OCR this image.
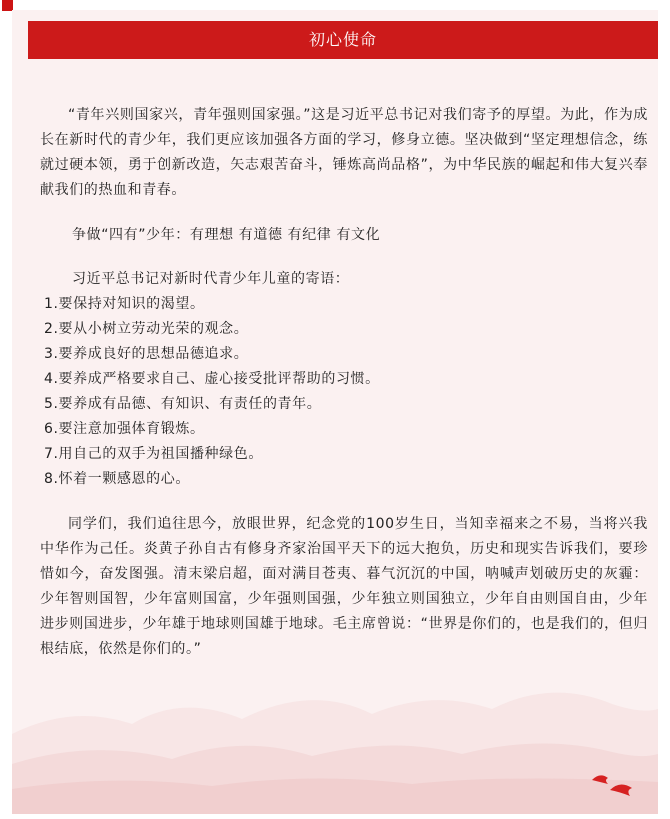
初心使命

“青年兴则国家兴，青年强则国家强。”这是习近平总书记对我们寄予的厚望。为此，作为成长在新时代的青少年，我们更应该加强各方面的学习，修身立德。坚决做到“坚定理想信念，练就过硬本领，勇于创新改造，矢志艰苦奋斗，锤炼高尚品格”，为中华民族的崛起和伟大复兴奉献我们的热血和青春。

争做“四有”少年：有理想 有道德 有纪律 有文化

习近平总书记对新时代青少年儿童的寄语：

1.要保持对知识的渴望。

2.要从小树立劳动光荣的观念。

3.要养成良好的思想品德追求。

4.要养成严格要求自己、虚心接受批评帮助的习惯。

5.要养成有品德、有知识、有责任的青年。

6.要注意加强体育锻炼。

7.用自己的双手为祖国播种绿色。

8.怀着一颗感恩的心。

同学们，我们追往思今，放眼世界，纪念党的100岁生日，当知幸福来之不易，当将兴我中华作为己任。炎黄子孙自古有修身齐家治国平天下的远大抱负，历史和现实告诉我们，要珍惜如今，奋发图强。清末梁启超，面对满目苍夷、暮气沉沉的中国，呐喊声划破历史的灰霾：少年智则国智，少年富则国富，少年强则国强，少年独立则国独立，少年自由则国自由，少年进步则国进步，少年雄于地球则国雄于地球。毛主席曾说：“世界是你们的，也是我们的，但归根结底，依然是你们的。”
